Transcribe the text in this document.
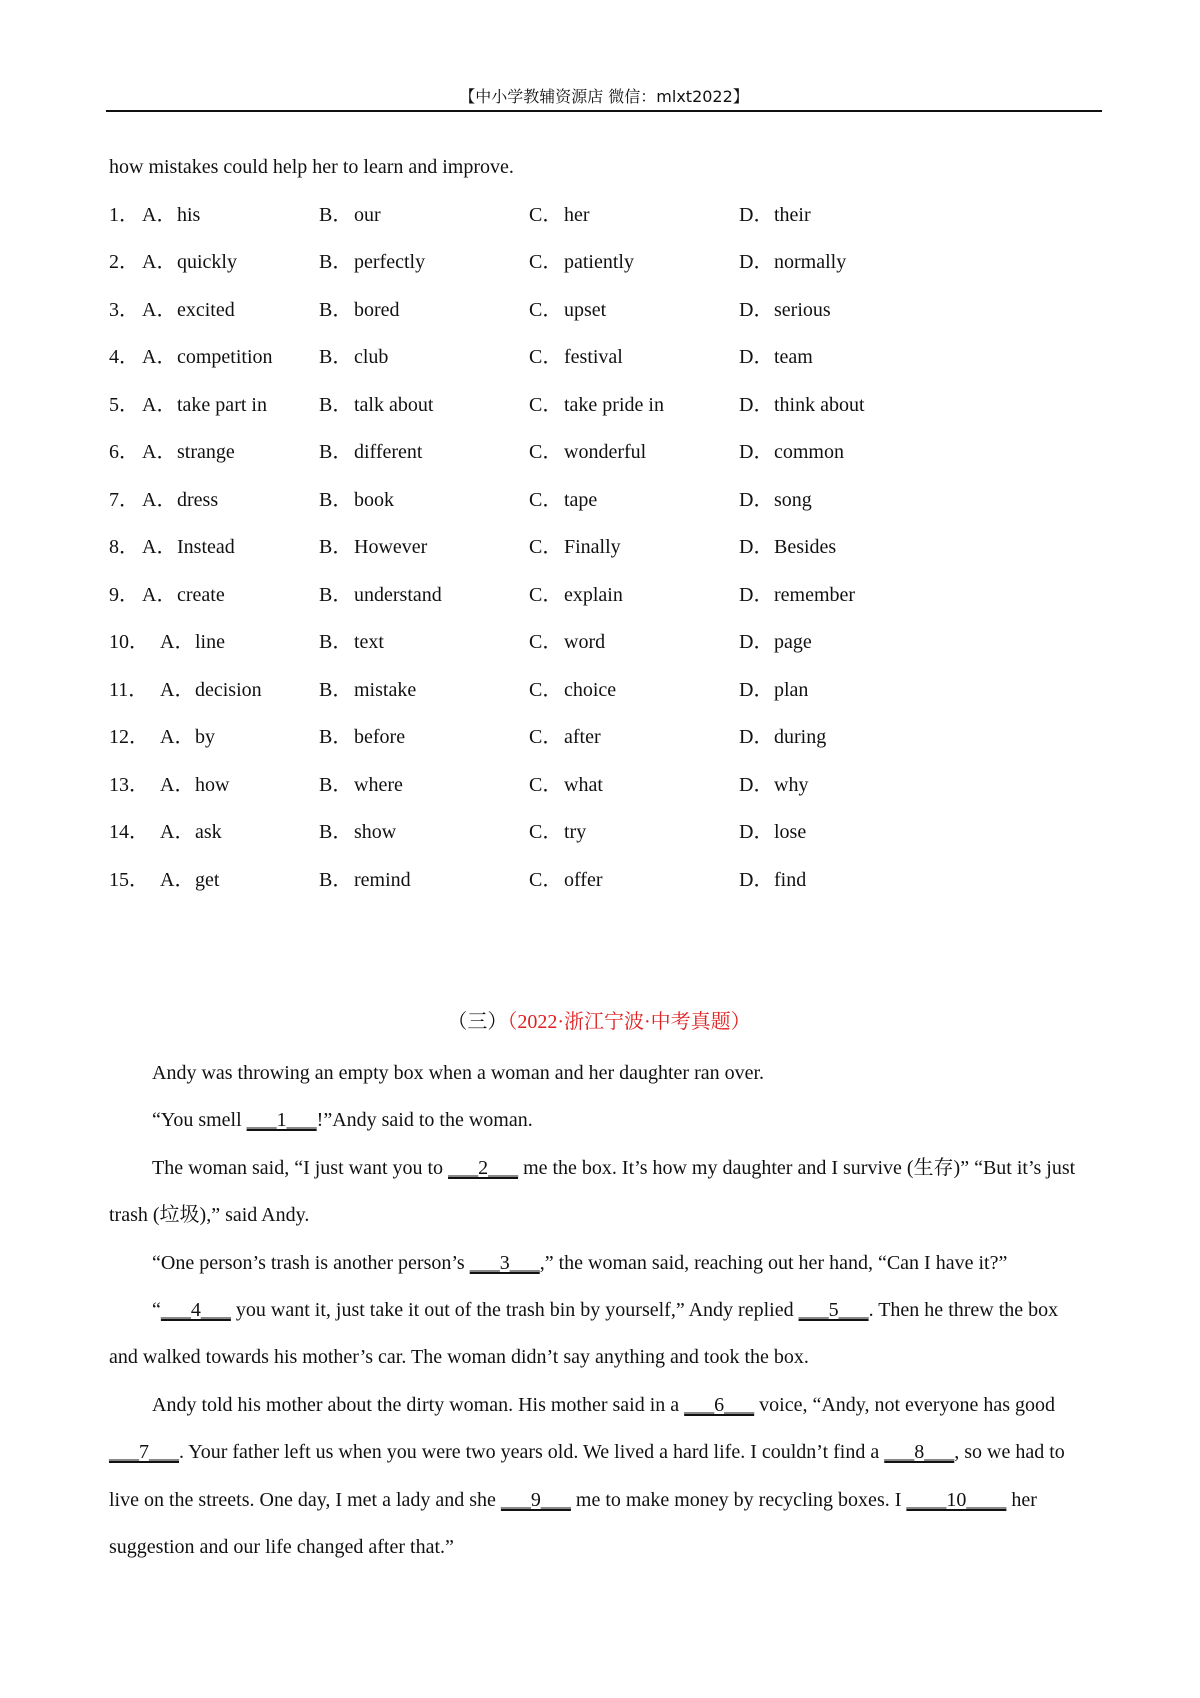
【中小学教辅资源店 微信：mlxt2022】
how mistakes could help her to learn and improve.
1． A．his	B．our	C．her	D．their
2． A．quickly	B．perfectly	C．patiently	D．normally
3． A．excited	B．bored	C．upset	D．serious
4． A．competition B．club	C．festival	D．team
5． A．take part in	B．talk about	C．take pride in	D．think about
6． A．strange	B．different	C．wonderful	D．common
7． A．dress	B．book	C．tape	D．song
8． A．Instead	B．However	C．Finally	D．Besides
9． A．create	B．understand	C．explain	D．remember
10． A．line	B．text	C．word	D．page
11． A．decision	B．mistake	C．choice	D．plan
12． A．by	B．before	C．after	D．during
13． A．how	B．where	C．what	D．why
14． A．ask	B．show	C．try	D．lose
15． A．get	B．remind	C．offer	D．find
（三）（2022·浙江宁波·中考真题）

Andy was throwing an empty box when a woman and her daughter ran over.

“You smell ___1___!”Andy said to the woman.

The woman said, “I just want you to ___2___ me the box. It’s how my daughter and I survive (生存)” “But it’s just trash (垃圾),” said Andy.

“One person’s trash is another person’s ___3___,” the woman said, reaching out her hand, “Can I have it?”

“___4___ you want it, just take it out of the trash bin by yourself,” Andy replied ___5___. Then he threw the box and walked towards his mother’s car. The woman didn’t say anything and took the box.

Andy told his mother about the dirty woman. His mother said in a ___6___ voice, “Andy, not everyone has good ___7___. Your father left us when you were two years old. We lived a hard life. I couldn’t find a ___8___, so we had to live on the streets. One day, I met a lady and she ___9___ me to make money by recycling boxes. I ____10____ her suggestion and our life changed after that.”
